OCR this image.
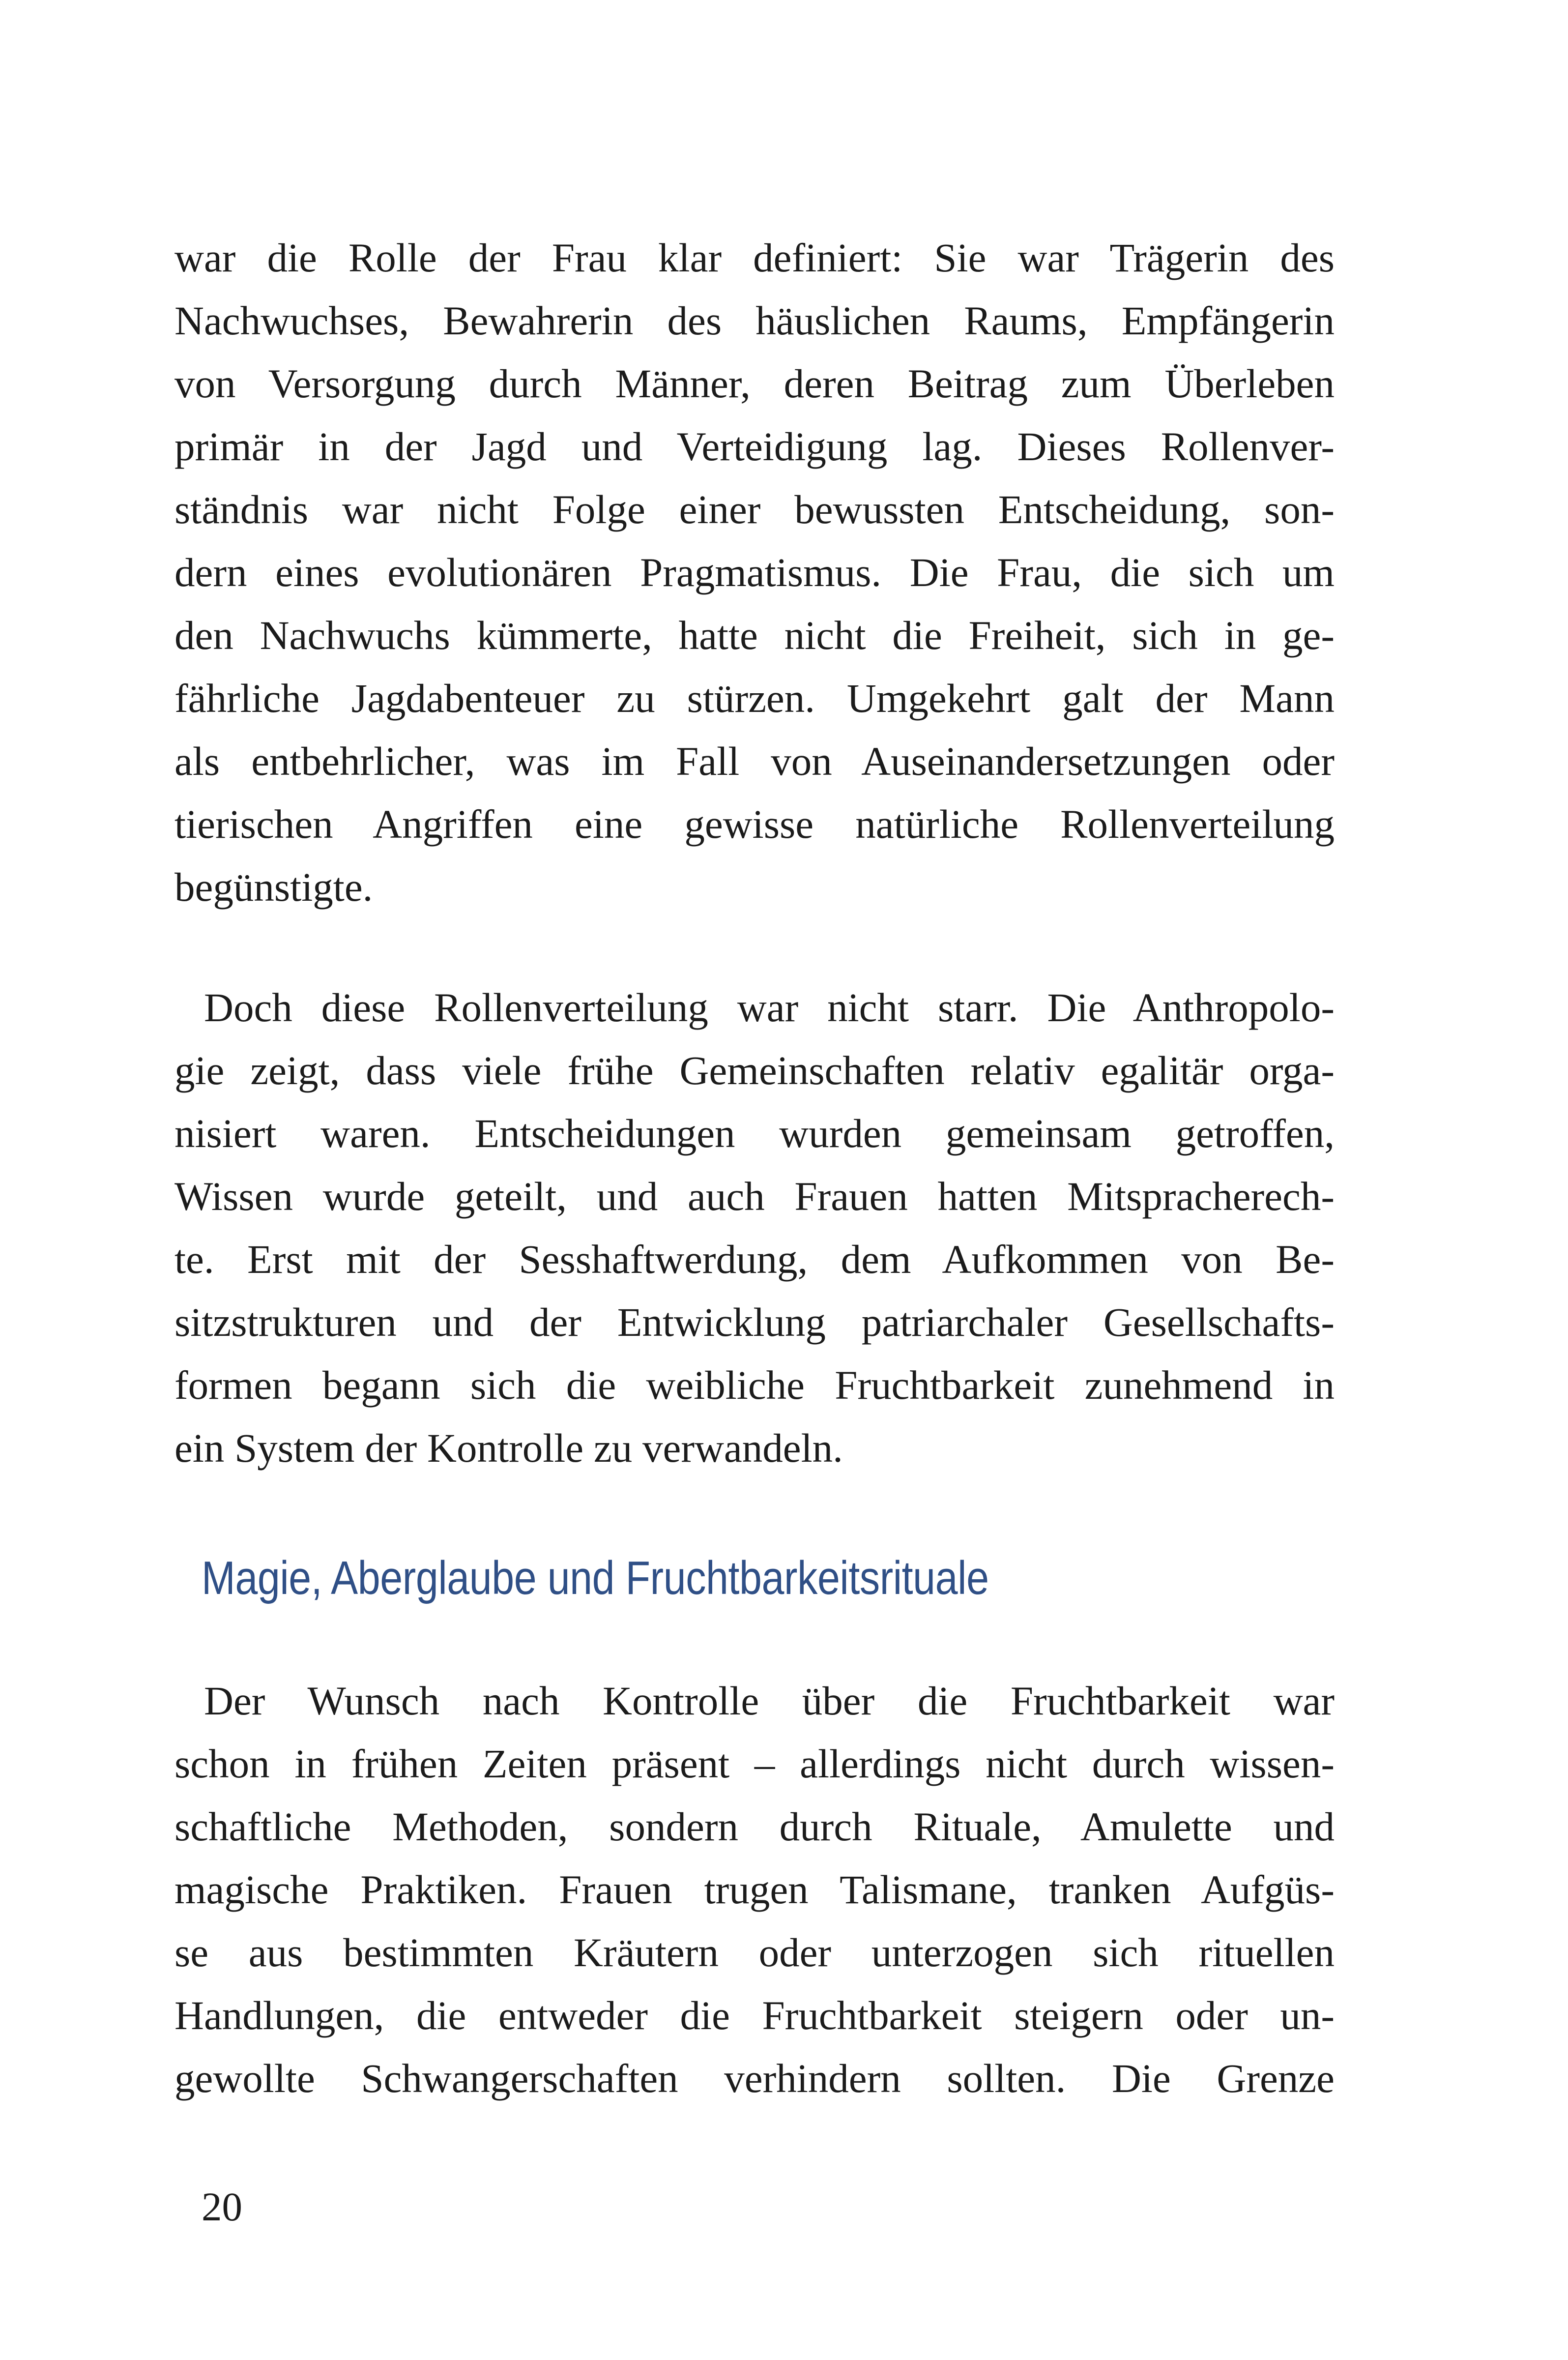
war die Rolle der Frau klar definiert: Sie war Trägerin des
Nachwuchses, Bewahrerin des häuslichen Raums, Empfängerin
von Versorgung durch Männer, deren Beitrag zum Überleben
primär in der Jagd und Verteidigung lag. Dieses Rollenver-
ständnis war nicht Folge einer bewussten Entscheidung, son-
dern eines evolutionären Pragmatismus. Die Frau, die sich um
den Nachwuchs kümmerte, hatte nicht die Freiheit, sich in ge-
fährliche Jagdabenteuer zu stürzen. Umgekehrt galt der Mann
als entbehrlicher, was im Fall von Auseinandersetzungen oder
tierischen Angriffen eine gewisse natürliche Rollenverteilung
begünstigte.
Doch diese Rollenverteilung war nicht starr. Die Anthropolo-
gie zeigt, dass viele frühe Gemeinschaften relativ egalitär orga-
nisiert waren. Entscheidungen wurden gemeinsam getroffen,
Wissen wurde geteilt, und auch Frauen hatten Mitspracherech-
te. Erst mit der Sesshaftwerdung, dem Aufkommen von Be-
sitzstrukturen und der Entwicklung patriarchaler Gesellschafts-
formen begann sich die weibliche Fruchtbarkeit zunehmend in
ein System der Kontrolle zu verwandeln.
Magie, Aberglaube und Fruchtbarkeitsrituale
Der Wunsch nach Kontrolle über die Fruchtbarkeit war
schon in frühen Zeiten präsent – allerdings nicht durch wissen-
schaftliche Methoden, sondern durch Rituale, Amulette und
magische Praktiken. Frauen trugen Talismane, tranken Aufgüs-
se aus bestimmten Kräutern oder unterzogen sich rituellen
Handlungen, die entweder die Fruchtbarkeit steigern oder un-
gewollte Schwangerschaften verhindern sollten. Die Grenze
20
